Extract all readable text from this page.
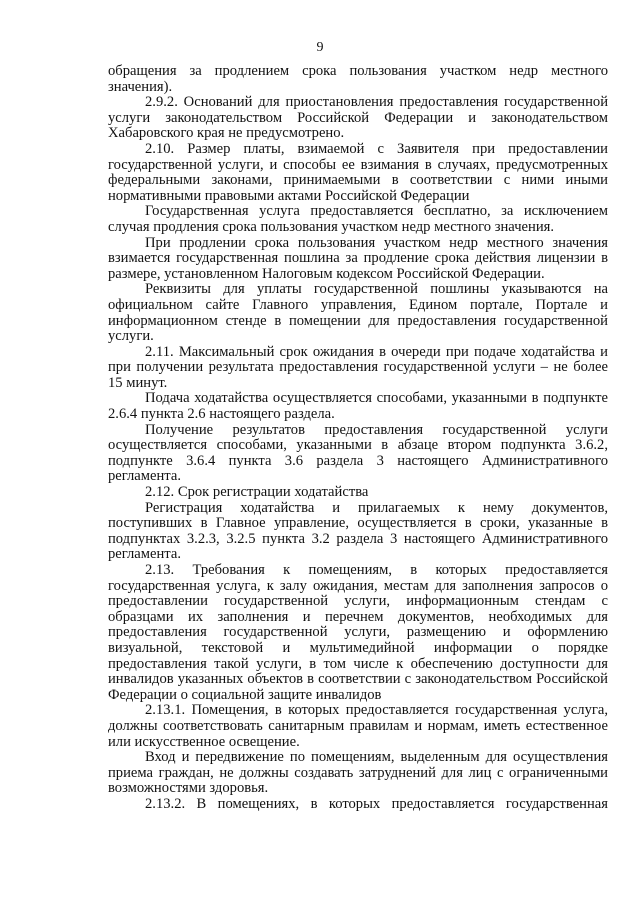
9

обращения за продлением срока пользования участком недр местного значения).

2.9.2. Оснований для приостановления предоставления государственной услуги законодательством Российской Федерации и законодательством Хабаровского края не предусмотрено.

2.10. Размер платы, взимаемой с Заявителя при предоставлении государственной услуги, и способы ее взимания в случаях, предусмотренных федеральными законами, принимаемыми в соответствии с ними иными нормативными правовыми актами Российской Федерации

Государственная услуга предоставляется бесплатно, за исключением случая продления срока пользования участком недр местного значения.

При продлении срока пользования участком недр местного значения взимается государственная пошлина за продление срока действия лицензии в размере, установленном Налоговым кодексом Российской Федерации.

Реквизиты для уплаты государственной пошлины указываются на официальном сайте Главного управления, Едином портале, Портале и информационном стенде в помещении для предоставления государственной услуги.

2.11. Максимальный срок ожидания в очереди при подаче ходатайства и при получении результата предоставления государственной услуги – не более 15 минут.

Подача ходатайства осуществляется способами, указанными в подпункте 2.6.4 пункта 2.6 настоящего раздела.

Получение результатов предоставления государственной услуги осуществляется способами, указанными в абзаце втором подпункта 3.6.2, подпункте 3.6.4 пункта 3.6 раздела 3 настоящего Административного регламента.

2.12. Срок регистрации ходатайства

Регистрация ходатайства и прилагаемых к нему документов, поступивших в Главное управление, осуществляется в сроки, указанные в подпунктах 3.2.3, 3.2.5 пункта 3.2 раздела 3 настоящего Административного регламента.

2.13. Требования к помещениям, в которых предоставляется государственная услуга, к залу ожидания, местам для заполнения запросов о предоставлении государственной услуги, информационным стендам с образцами их заполнения и перечнем документов, необходимых для предоставления государственной услуги, размещению и оформлению визуальной, текстовой и мультимедийной информации о порядке предоставления такой услуги, в том числе к обеспечению доступности для инвалидов указанных объектов в соответствии с законодательством Российской Федерации о социальной защите инвалидов

2.13.1. Помещения, в которых предоставляется государственная услуга, должны соответствовать санитарным правилам и нормам, иметь естественное или искусственное освещение.

Вход и передвижение по помещениям, выделенным для осуществления приема граждан, не должны создавать затруднений для лиц с ограниченными возможностями здоровья.

2.13.2. В помещениях, в которых предоставляется государственная
